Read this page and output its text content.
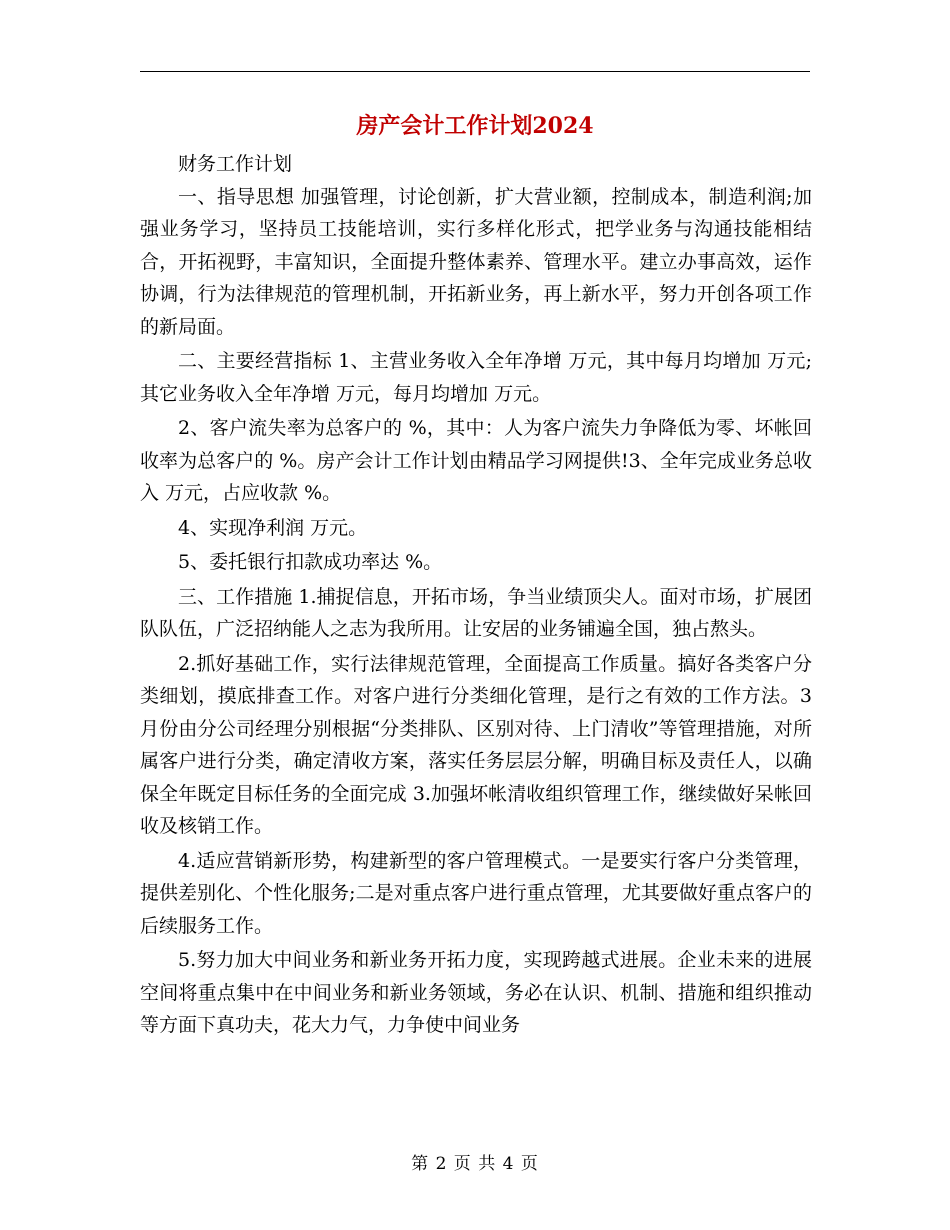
房产会计工作计划2024

财务工作计划

一、指导思想 加强管理，讨论创新，扩大营业额，控制成本，制造利润;加强业务学习，坚持员工技能培训，实行多样化形式，把学业务与沟通技能相结合，开拓视野，丰富知识，全面提升整体素养、管理水平。建立办事高效，运作协调，行为法律规范的管理机制，开拓新业务，再上新水平，努力开创各项工作的新局面。

二、主要经营指标 1、主营业务收入全年净增 万元，其中每月均增加 万元;其它业务收入全年净增 万元，每月均增加 万元。

2、客户流失率为总客户的 %，其中：人为客户流失力争降低为零、坏帐回收率为总客户的 %。房产会计工作计划由精品学习网提供!3、全年完成业务总收入 万元，占应收款 %。

4、实现净利润 万元。

5、委托银行扣款成功率达 %。

三、工作措施 1.捕捉信息，开拓市场，争当业绩顶尖人。面对市场，扩展团队队伍，广泛招纳能人之志为我所用。让安居的业务铺遍全国，独占熬头。

2.抓好基础工作，实行法律规范管理，全面提高工作质量。搞好各类客户分类细划，摸底排查工作。对客户进行分类细化管理，是行之有效的工作方法。3月份由分公司经理分别根据“分类排队、区别对待、上门清收”等管理措施，对所属客户进行分类，确定清收方案，落实任务层层分解，明确目标及责任人，以确保全年既定目标任务的全面完成 3.加强坏帐清收组织管理工作，继续做好呆帐回收及核销工作。

4.适应营销新形势，构建新型的客户管理模式。一是要实行客户分类管理，提供差别化、个性化服务;二是对重点客户进行重点管理，尤其要做好重点客户的后续服务工作。

5.努力加大中间业务和新业务开拓力度，实现跨越式进展。企业未来的进展空间将重点集中在中间业务和新业务领域，务必在认识、机制、措施和组织推动等方面下真功夫，花大力气，力争使中间业务

第 2 页 共 4 页
